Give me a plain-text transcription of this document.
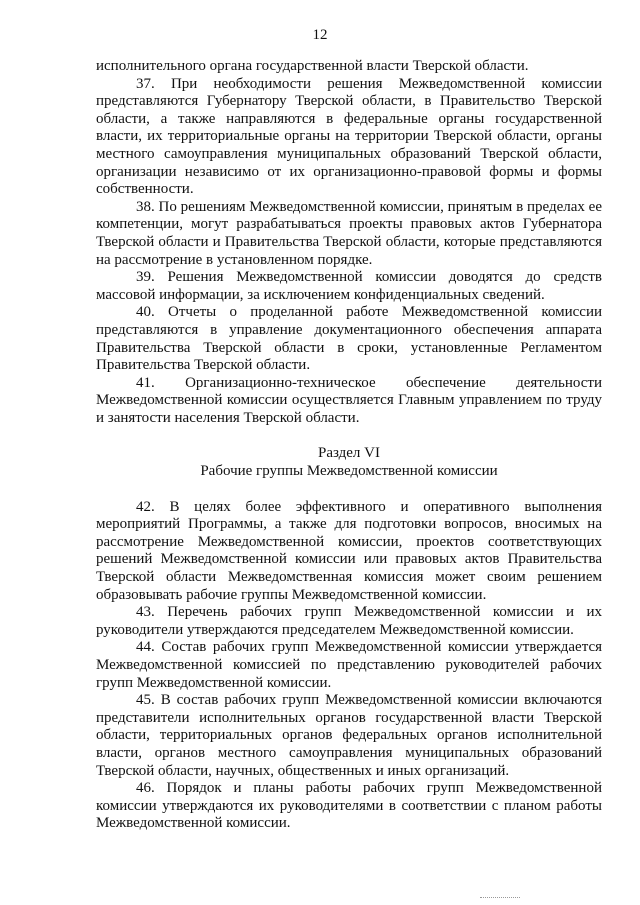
12

исполнительного органа государственной власти Тверской области.

37. При необходимости решения Межведомственной комиссии представляются Губернатору Тверской области, в Правительство Тверской области, а также направляются в федеральные органы государственной власти, их территориальные органы на территории Тверской области, органы местного самоуправления муниципальных образований Тверской области, организации независимо от их организационно-правовой формы и формы собственности.

38. По решениям Межведомственной комиссии, принятым в пределах ее компетенции, могут разрабатываться проекты правовых актов Губернатора Тверской области и Правительства Тверской области, которые представляются на рассмотрение в установленном порядке.

39. Решения Межведомственной комиссии доводятся до средств массовой информации, за исключением конфиденциальных сведений.

40. Отчеты о проделанной работе Межведомственной комиссии представляются в управление документационного обеспечения аппарата Правительства Тверской области в сроки, установленные Регламентом Правительства Тверской области.

41. Организационно-техническое обеспечение деятельности Межведомственной комиссии осуществляется Главным управлением по труду и занятости населения Тверской области.

Раздел VI

Рабочие группы Межведомственной комиссии

42. В целях более эффективного и оперативного выполнения мероприятий Программы, а также для подготовки вопросов, вносимых на рассмотрение Межведомственной комиссии, проектов соответствующих решений Межведомственной комиссии или правовых актов Правительства Тверской области Межведомственная комиссия может своим решением образовывать рабочие группы Межведомственной комиссии.

43. Перечень рабочих групп Межведомственной комиссии и их руководители утверждаются председателем Межведомственной комиссии.

44. Состав рабочих групп Межведомственной комиссии утверждается Межведомственной комиссией по представлению руководителей рабочих групп Межведомственной комиссии.

45. В состав рабочих групп Межведомственной комиссии включаются представители исполнительных органов государственной власти Тверской области, территориальных органов федеральных органов исполнительной власти, органов местного самоуправления муниципальных образований Тверской области, научных, общественных и иных организаций.

46. Порядок и планы работы рабочих групп Межведомственной комиссии утверждаются их руководителями в соответствии с планом работы Межведомственной комиссии.
